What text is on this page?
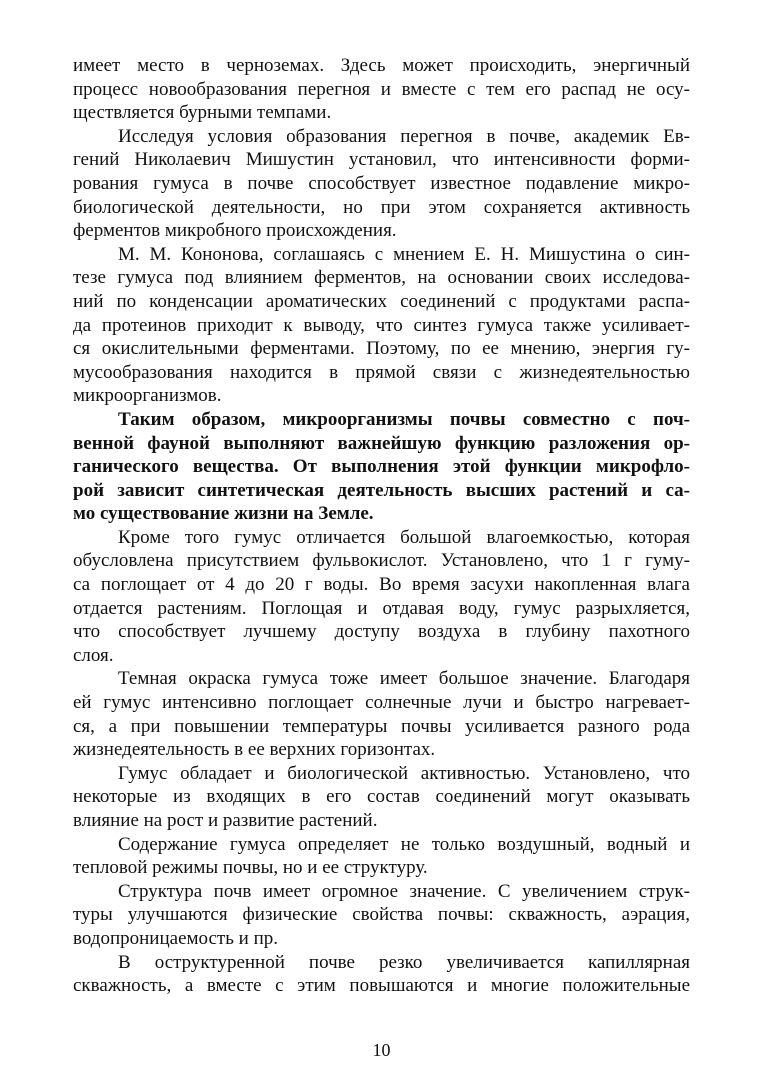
имеет место в черноземах. Здесь может происходить, энергичный
процесс новообразования перегноя и вместе с тем его распад не осу-
ществляется бурными темпами.
Исследуя условия образования перегноя в почве, академик Ев-
гений Николаевич Мишустин установил, что интенсивности форми-
рования гумуса в почве способствует известное подавление микро-
биологической деятельности, но при этом сохраняется активность
ферментов микробного происхождения.
М. М. Кононова, соглашаясь с мнением Е. Н. Мишустина о син-
тезе гумуса под влиянием ферментов, на основании своих исследова-
ний по конденсации ароматических соединений с продуктами распа-
да протеинов приходит к выводу, что синтез гумуса также усиливает-
ся окислительными ферментами. Поэтому, по ее мнению, энергия гу-
мусообразования находится в прямой связи с жизнедеятельностью
микроорганизмов.
Таким образом, микроорганизмы почвы совместно с поч-
венной фауной выполняют важнейшую функцию разложения ор-
ганического вещества. От выполнения этой функции микрофло-
рой зависит синтетическая деятельность высших растений и са-
мо существование жизни на Земле.
Кроме того гумус отличается большой влагоемкостью, которая
обусловлена присутствием фульвокислот. Установлено, что 1 г гуму-
са поглощает от 4 до 20 г воды. Во время засухи накопленная влага
отдается растениям. Поглощая и отдавая воду, гумус разрыхляется,
что способствует лучшему доступу воздуха в глубину пахотного
слоя.
Темная окраска гумуса тоже имеет большое значение. Благодаря
ей гумус интенсивно поглощает солнечные лучи и быстро нагревает-
ся, а при повышении температуры почвы усиливается разного рода
жизнедеятельность в ее верхних горизонтах.
Гумус обладает и биологической активностью. Установлено, что
некоторые из входящих в его состав соединений могут оказывать
влияние на рост и развитие растений.
Содержание гумуса определяет не только воздушный, водный и
тепловой режимы почвы, но и ее структуру.
Структура почв имеет огромное значение. С увеличением струк-
туры улучшаются физические свойства почвы: скважность, аэрация,
водопроницаемость и пр.
В оструктуренной почве резко увеличивается капиллярная
скважность, а вместе с этим повышаются и многие положительные
10
